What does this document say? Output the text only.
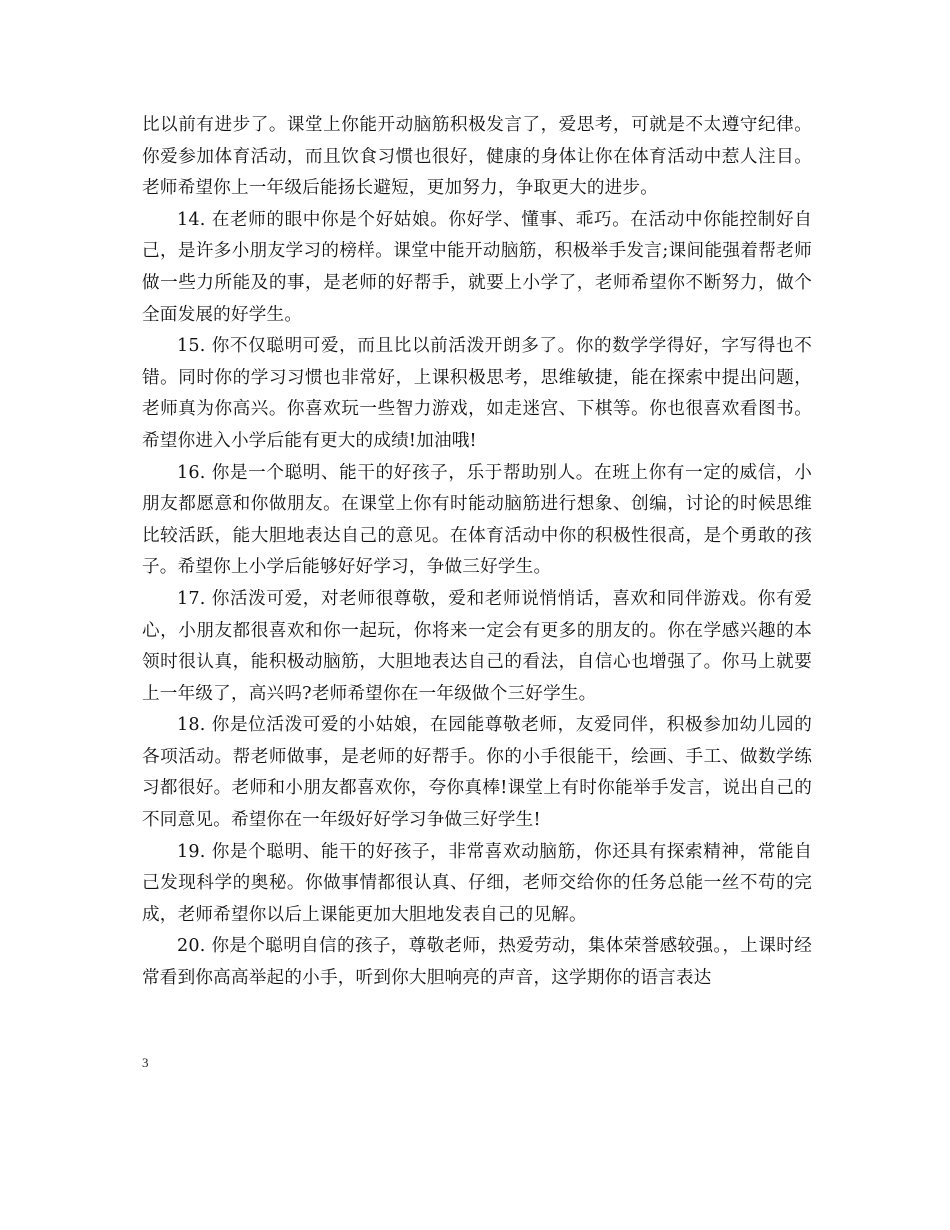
比以前有进步了。课堂上你能开动脑筋积极发言了，爱思考，可就是不太遵守纪律。你爱参加体育活动，而且饮食习惯也很好，健康的身体让你在体育活动中惹人注目。老师希望你上一年级后能扬长避短，更加努力，争取更大的进步。

14. 在老师的眼中你是个好姑娘。你好学、懂事、乖巧。在活动中你能控制好自己，是许多小朋友学习的榜样。课堂中能开动脑筋，积极举手发言;课间能强着帮老师做一些力所能及的事，是老师的好帮手，就要上小学了，老师希望你不断努力，做个全面发展的好学生。

15. 你不仅聪明可爱，而且比以前活泼开朗多了。你的数学学得好，字写得也不错。同时你的学习习惯也非常好，上课积极思考，思维敏捷，能在探索中提出问题，老师真为你高兴。你喜欢玩一些智力游戏，如走迷宫、下棋等。你也很喜欢看图书。希望你进入小学后能有更大的成绩!加油哦!

16. 你是一个聪明、能干的好孩子，乐于帮助别人。在班上你有一定的威信，小朋友都愿意和你做朋友。在课堂上你有时能动脑筋进行想象、创编，讨论的时候思维比较活跃，能大胆地表达自己的意见。在体育活动中你的积极性很高，是个勇敢的孩子。希望你上小学后能够好好学习，争做三好学生。

17. 你活泼可爱，对老师很尊敬，爱和老师说悄悄话，喜欢和同伴游戏。你有爱心，小朋友都很喜欢和你一起玩，你将来一定会有更多的朋友的。你在学感兴趣的本领时很认真，能积极动脑筋，大胆地表达自己的看法，自信心也增强了。你马上就要上一年级了，高兴吗?老师希望你在一年级做个三好学生。

18. 你是位活泼可爱的小姑娘，在园能尊敬老师，友爱同伴，积极参加幼儿园的各项活动。帮老师做事，是老师的好帮手。你的小手很能干，绘画、手工、做数学练习都很好。老师和小朋友都喜欢你，夸你真棒!课堂上有时你能举手发言，说出自己的不同意见。希望你在一年级好好学习争做三好学生!

19. 你是个聪明、能干的好孩子，非常喜欢动脑筋，你还具有探索精神，常能自己发现科学的奥秘。你做事情都很认真、仔细，老师交给你的任务总能一丝不苟的完成，老师希望你以后上课能更加大胆地发表自己的见解。

20. 你是个聪明自信的孩子，尊敬老师，热爱劳动，集体荣誉感较强。，上课时经常看到你高高举起的小手，听到你大胆响亮的声音，这学期你的语言表达

3
